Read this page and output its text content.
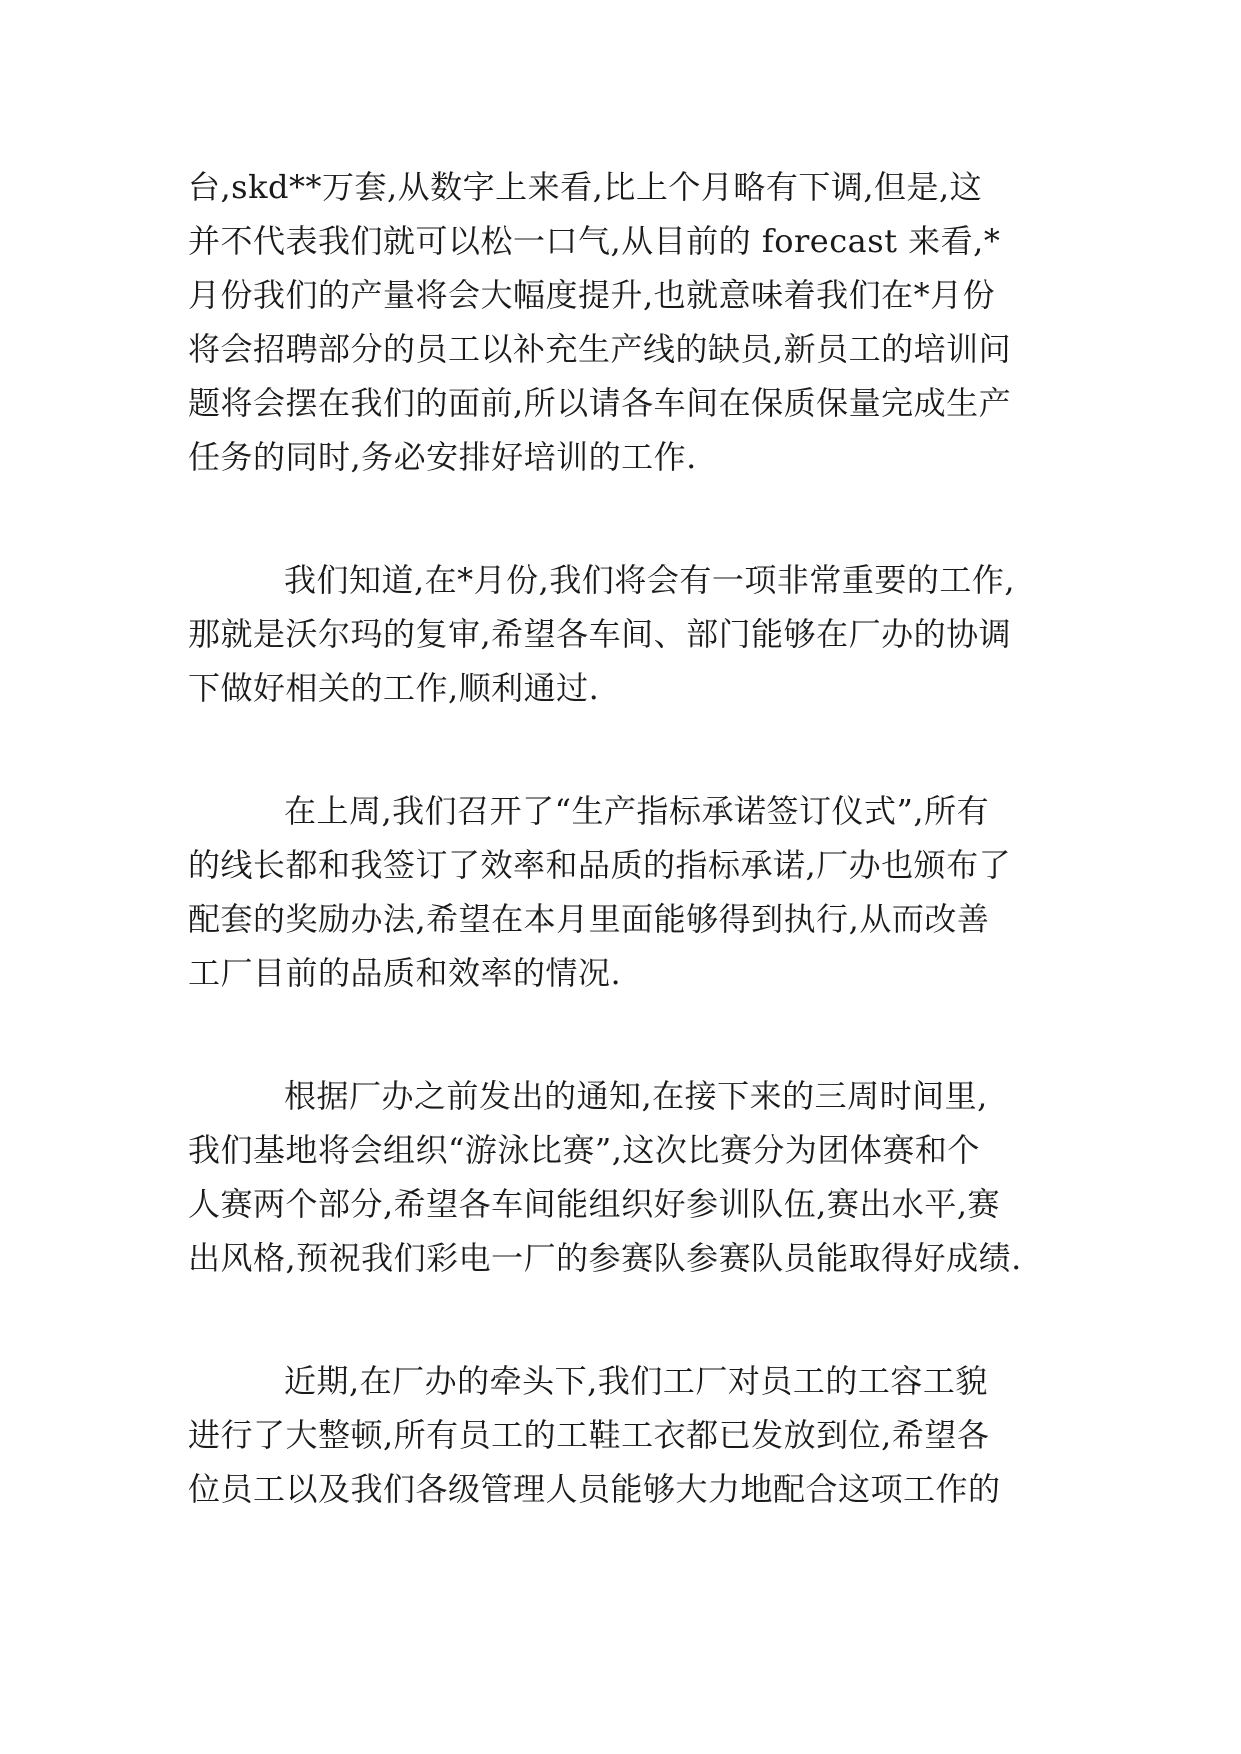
台,skd**万套,从数字上来看,比上个月略有下调,但是,这
并不代表我们就可以松一口气,从目前的 forecast 来看,*
月份我们的产量将会大幅度提升,也就意味着我们在*月份
将会招聘部分的员工以补充生产线的缺员,新员工的培训问
题将会摆在我们的面前,所以请各车间在保质保量完成生产
任务的同时,务必安排好培训的工作.

我们知道,在*月份,我们将会有一项非常重要的工作,
那就是沃尔玛的复审,希望各车间、部门能够在厂办的协调
下做好相关的工作,顺利通过.

在上周,我们召开了“生产指标承诺签订仪式”,所有
的线长都和我签订了效率和品质的指标承诺,厂办也颁布了
配套的奖励办法,希望在本月里面能够得到执行,从而改善
工厂目前的品质和效率的情况.

根据厂办之前发出的通知,在接下来的三周时间里,
我们基地将会组织“游泳比赛”,这次比赛分为团体赛和个
人赛两个部分,希望各车间能组织好参训队伍,赛出水平,赛
出风格,预祝我们彩电一厂的参赛队参赛队员能取得好成绩.

近期,在厂办的牵头下,我们工厂对员工的工容工貌
进行了大整顿,所有员工的工鞋工衣都已发放到位,希望各
位员工以及我们各级管理人员能够大力地配合这项工作的
